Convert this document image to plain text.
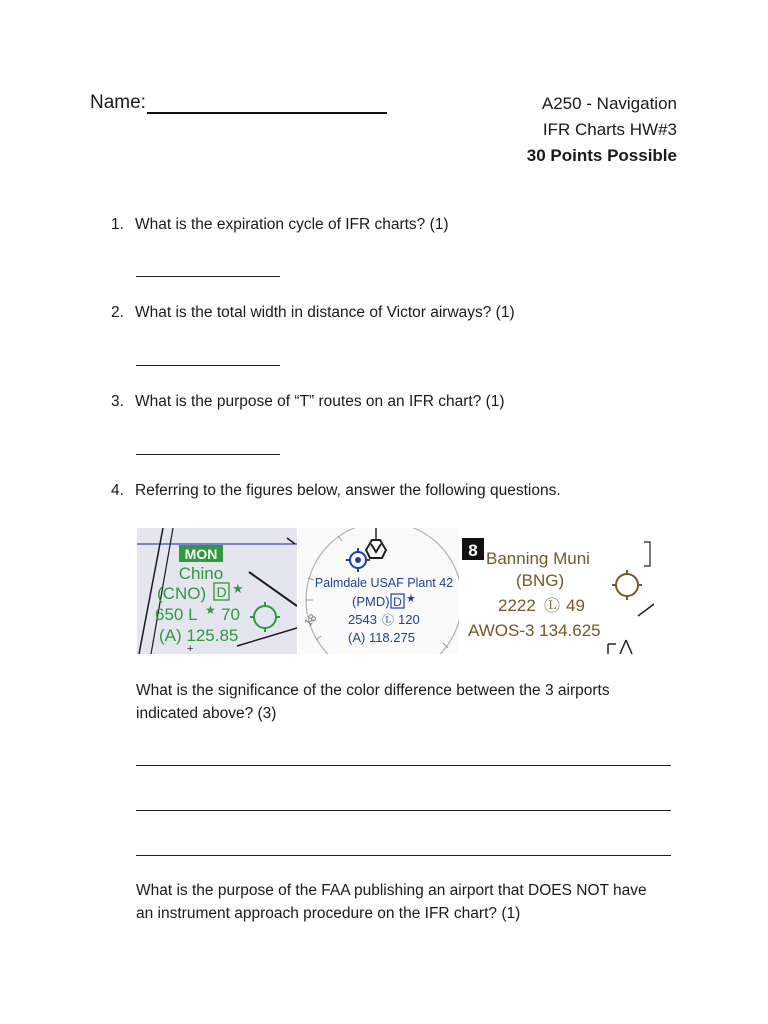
Name:	A250 - Navigation
IFR Charts HW#3
30 Points Possible
1. What is the expiration cycle of IFR charts? (1)
2. What is the total width in distance of Victor airways? (1)
3. What is the purpose of “T” routes on an IFR chart? (1)
4. Referring to the figures below, answer the following questions.
MON
Chino
(CNO) D ★
650 L ★ 70
(A) 125.85
+
18
Palmdale USAF Plant 42
(PMD) D ★
2543 Ⓛ 120
(A) 118.275
8 Banning Muni
(BNG)
2222 Ⓛ 49
AWOS-3 134.625
What is the significance of the color difference between the 3 airports
indicated above? (3)
What is the purpose of the FAA publishing an airport that DOES NOT have
an instrument approach procedure on the IFR chart? (1)
